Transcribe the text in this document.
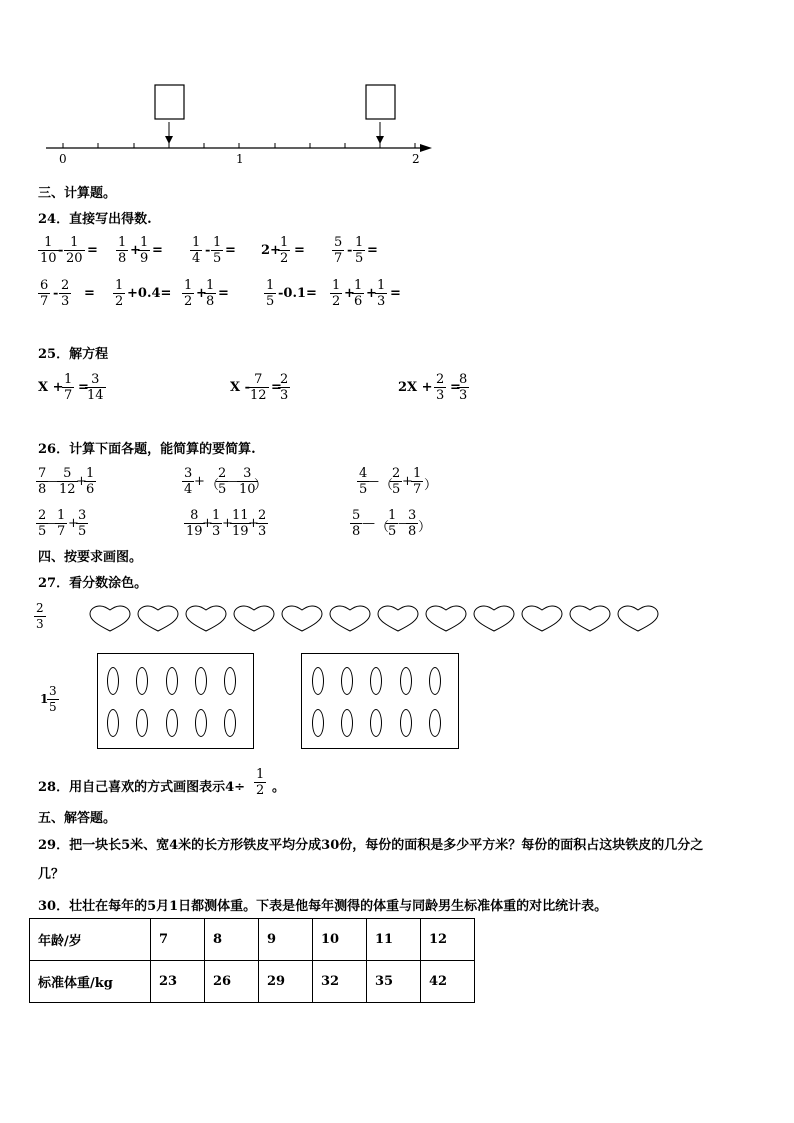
0	1	2
三、计算题。
24．直接写出得数.
$\frac{1}{10} - \frac{1}{20} = \frac{1}{8}$ +
$\frac{1}{9} = \frac{1}{4} - \frac{1}{5} = 2+$
$\frac{1}{2} = \frac{5}{7} - \frac{1}{5}$ =
$\frac{6}{7} - \frac{2}{3} = \frac{1}{2} +0.4= \frac{1}{2}$ +
$\frac{1}{8}$ =	$\frac{1}{5} -0.1= \frac{1}{2}$ +
$\frac{1}{6}$ +
$\frac{1}{3}$ =
25．解方程
X +
$\frac{1}{7}$ =
$\frac{3}{14}$	X -
$\frac{7}{12}$ =
$\frac{2}{3}$	$2X + \frac{2}{3}$ =
$\frac{8}{3}$
26．计算下面各题，能简算的要简算.
$\frac{7}{8}$
— $\frac{5}{12}$
+
$\frac{1}{6}$	$\frac{3}{4}$ + （
$\frac{2}{5}$
— $\frac{3}{10}$
）	$\frac{4}{5}$
— （
$\frac{2}{5}$ +
$\frac{1}{7}$ ）
$\frac{2}{5}$
—
$\frac{1}{7}$ +
$\frac{3}{5}$	$\frac{8}{19}$
+
$\frac{1}{3}$ +
$\frac{11}{19}$
+
$\frac{2}{3}$	$\frac{5}{8}$ — （
$\frac{1}{5}$ —
$\frac{3}{8}$ ）
四、按要求画图。
27．看分数涂色。
$\frac{2}{3}$
1
$\frac{3}{5}$
28．用自己喜欢的方式画图表示$4\div \frac{1}{2}$ 。
五、解答题。
29．把一块长5米、宽4米的长方形铁皮平均分成30份，每份的面积是多少平方米？每份的面积占这块铁皮的几分之
几？
30．壮壮在每年的5月1日都测体重。下表是他每年测得的体重与同龄男生标准体重的对比统计表。
年龄/岁	7	8	9	10	11	12
标准体重/kg	23	26	29	32	35	42
